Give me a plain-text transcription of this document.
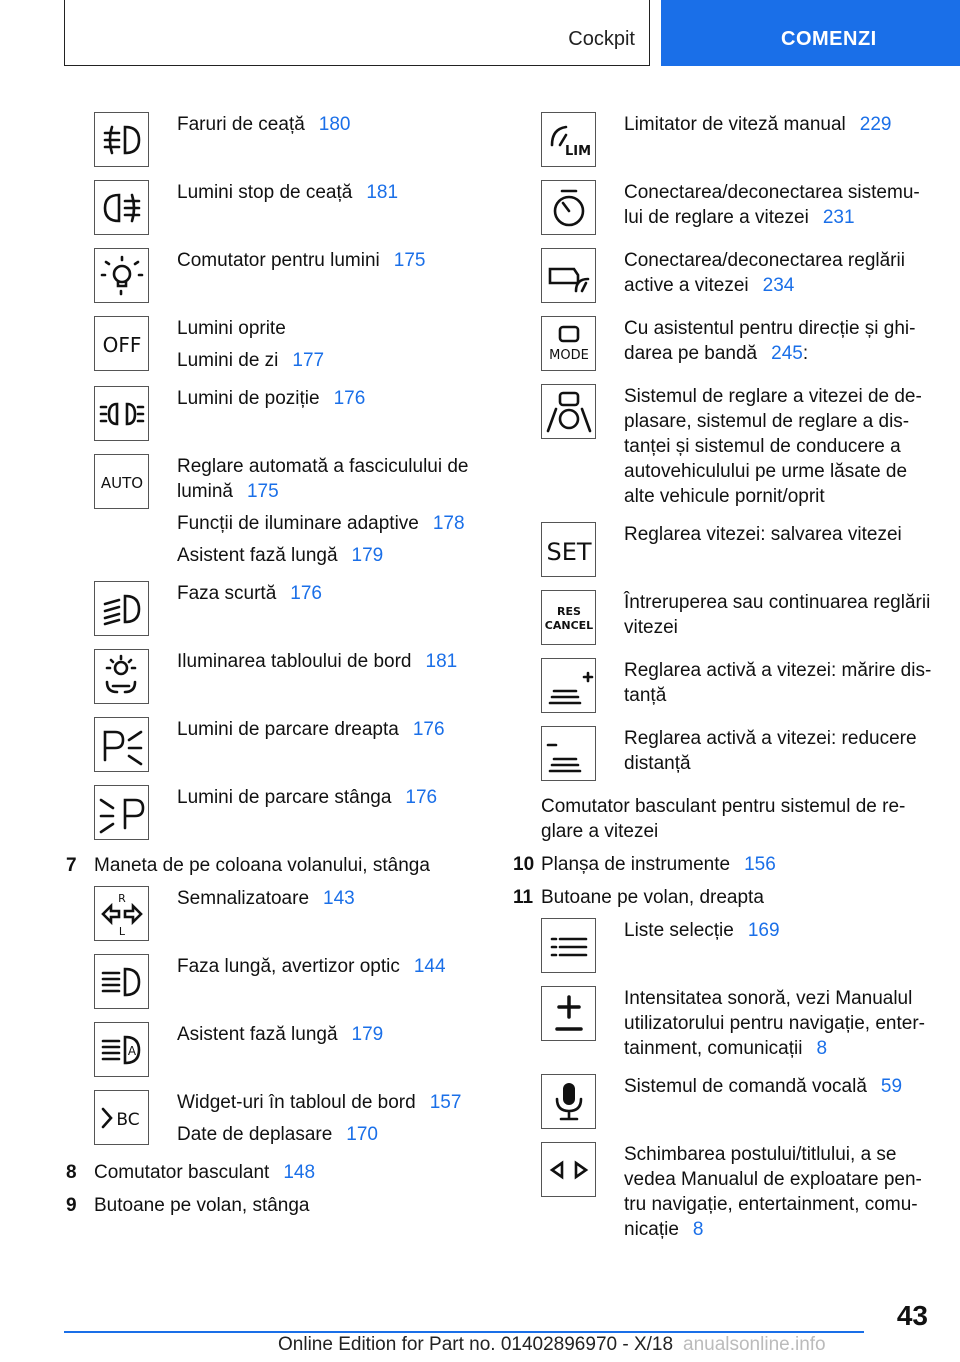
Cockpit	COMENZI
Faruri de ceață 180
Lumini stop de ceață 181
Comutator pentru lumini 175
OFF
Lumini oprite
Lumini de zi 177
Lumini de poziție 176
AUTO
Reglare automată a fasciculului de lumină 175
Funcții de iluminare adaptive 178
Asistent fază lungă 179
Faza scurtă 176
Iluminarea tabloului de bord 181
Lumini de parcare dreapta 176
Lumini de parcare stânga 176
7 Maneta de pe coloana volanului, stânga
R
L
Semnalizatoare 143
Faza lungă, avertizor optic 144
A
Asistent fază lungă 179
BC
Widget-uri în tabloul de bord 157
Date de deplasare 170
8 Comutator basculant 148
9 Butoane pe volan, stânga
LIM
Limitator de viteză manual 229
Conectarea/deconectarea sistemu-lui de reglare a vitezei 231
Conectarea/deconectarea reglării active a vitezei 234
MODE
Cu asistentul pentru direcție și ghi-darea pe bandă 245:
Sistemul de reglare a vitezei de de-plasare, sistemul de reglare a dis-tanței și sistemul de conducere a autovehiculului pe urme lăsate de alte vehicule pornit/oprit
SET
Reglarea vitezei: salvarea vitezei
RES
CANCEL
Întreruperea sau continuarea reglării vitezei
Reglarea activă a vitezei: mărire dis-tanță
Reglarea activă a vitezei: reducere distanță
Comutator basculant pentru sistemul de re-glare a vitezei
10 Planșa de instrumente 156
11 Butoane pe volan, dreapta
Liste selecție 169
Intensitatea sonoră, vezi Manualul utilizatorului pentru navigație, enter-tainment, comunicații 8
Sistemul de comandă vocală 59
Schimbarea postului/titlului, a se vedea Manualul de exploatare pen-tru navigație, entertainment, comu-nicație 8
43
Online Edition for Part no. 01402896970 - X/18 anualsonline.info
